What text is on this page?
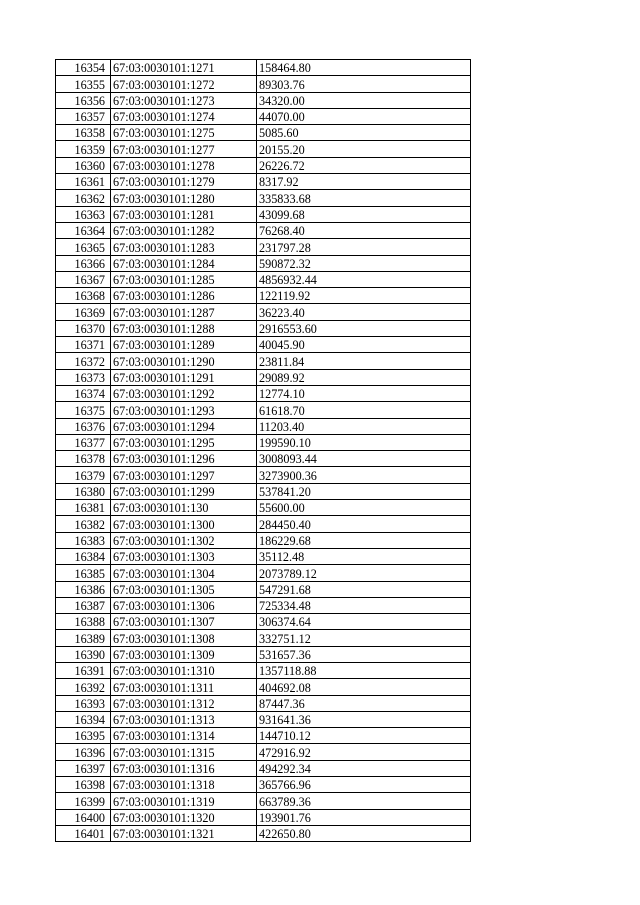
16354	67:03:0030101:1271	158464.80
16355	67:03:0030101:1272	89303.76
16356	67:03:0030101:1273	34320.00
16357	67:03:0030101:1274	44070.00
16358	67:03:0030101:1275	5085.60
16359	67:03:0030101:1277	20155.20
16360	67:03:0030101:1278	26226.72
16361	67:03:0030101:1279	8317.92
16362	67:03:0030101:1280	335833.68
16363	67:03:0030101:1281	43099.68
16364	67:03:0030101:1282	76268.40
16365	67:03:0030101:1283	231797.28
16366	67:03:0030101:1284	590872.32
16367	67:03:0030101:1285	4856932.44
16368	67:03:0030101:1286	122119.92
16369	67:03:0030101:1287	36223.40
16370	67:03:0030101:1288	2916553.60
16371	67:03:0030101:1289	40045.90
16372	67:03:0030101:1290	23811.84
16373	67:03:0030101:1291	29089.92
16374	67:03:0030101:1292	12774.10
16375	67:03:0030101:1293	61618.70
16376	67:03:0030101:1294	11203.40
16377	67:03:0030101:1295	199590.10
16378	67:03:0030101:1296	3008093.44
16379	67:03:0030101:1297	3273900.36
16380	67:03:0030101:1299	537841.20
16381	67:03:0030101:130	55600.00
16382	67:03:0030101:1300	284450.40
16383	67:03:0030101:1302	186229.68
16384	67:03:0030101:1303	35112.48
16385	67:03:0030101:1304	2073789.12
16386	67:03:0030101:1305	547291.68
16387	67:03:0030101:1306	725334.48
16388	67:03:0030101:1307	306374.64
16389	67:03:0030101:1308	332751.12
16390	67:03:0030101:1309	531657.36
16391	67:03:0030101:1310	1357118.88
16392	67:03:0030101:1311	404692.08
16393	67:03:0030101:1312	87447.36
16394	67:03:0030101:1313	931641.36
16395	67:03:0030101:1314	144710.12
16396	67:03:0030101:1315	472916.92
16397	67:03:0030101:1316	494292.34
16398	67:03:0030101:1318	365766.96
16399	67:03:0030101:1319	663789.36
16400	67:03:0030101:1320	193901.76
16401	67:03:0030101:1321	422650.80
